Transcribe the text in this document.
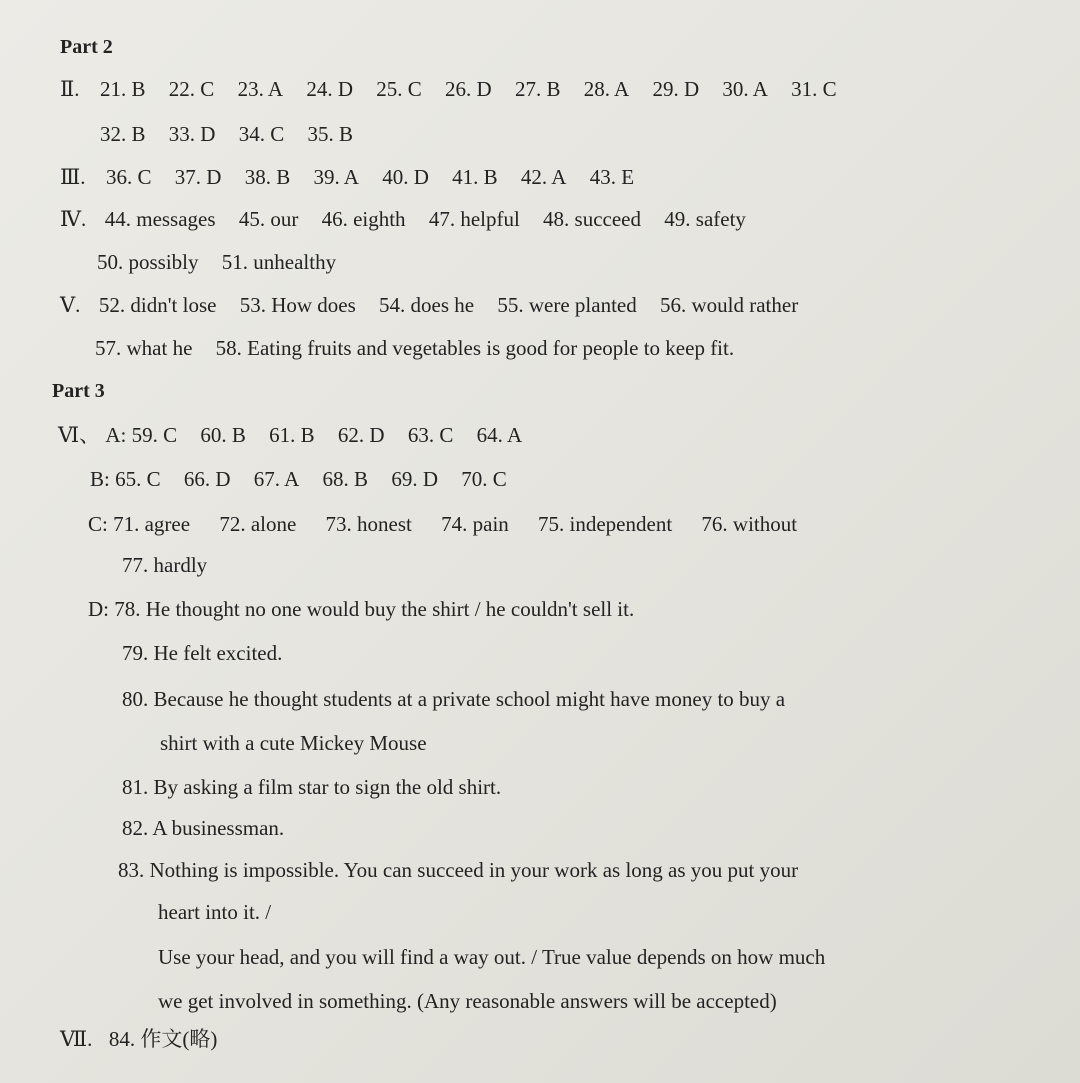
Part 2
Ⅱ. 21. B 22. C 23. A 24. D 25. C 26. D 27. B 28. A 29. D 30. A 31. C
32. B 33. D 34. C 35. B
Ⅲ. 36. C 37. D 38. B 39. A 40. D 41. B 42. A 43. E
Ⅳ. 44. messages 45. our 46. eighth 47. helpful 48. succeed 49. safety
50. possibly 51. unhealthy
Ⅴ. 52. didn't lose 53. How does 54. does he 55. were planted 56. would rather
57. what he 58. Eating fruits and vegetables is good for people to keep fit.
Part 3
Ⅵ、 A: 59. C 60. B 61. B 62. D 63. C 64. A
B: 65. C 66. D 67. A 68. B 69. D 70. C
C: 71. agree 72. alone 73. honest 74. pain 75. independent 76. without
77. hardly
D: 78. He thought no one would buy the shirt / he couldn't sell it.
79. He felt excited.
80. Because he thought students at a private school might have money to buy a
shirt with a cute Mickey Mouse
81. By asking a film star to sign the old shirt.
82. A businessman.
83. Nothing is impossible. You can succeed in your work as long as you put your
heart into it. /
Use your head, and you will find a way out. / True value depends on how much
we get involved in something. (Any reasonable answers will be accepted)
Ⅶ. 84. 作文(略)
